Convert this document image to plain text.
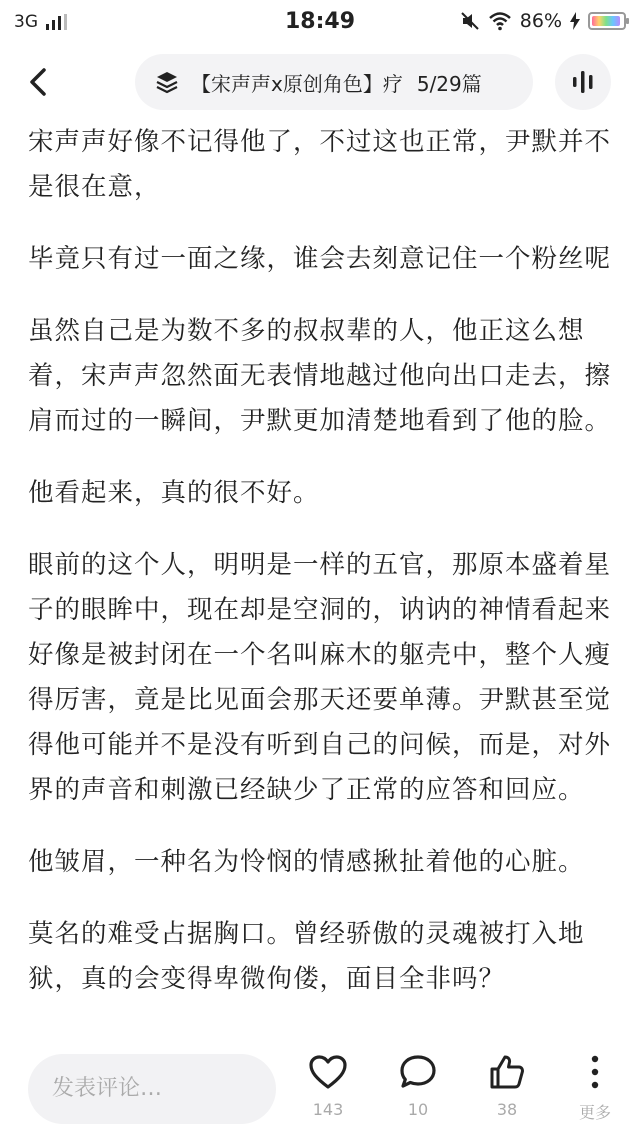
3G	18:49	86%
【宋声声x原创角色】疗 5/29篇

宋声声好像不记得他了，不过这也正常，尹默并不是很在意，

毕竟只有过一面之缘，谁会去刻意记住一个粉丝呢

虽然自己是为数不多的叔叔辈的人，他正这么想着，宋声声忽然面无表情地越过他向出口走去，擦肩而过的一瞬间，尹默更加清楚地看到了他的脸。

他看起来，真的很不好。

眼前的这个人，明明是一样的五官，那原本盛着星子的眼眸中，现在却是空洞的，讷讷的神情看起来好像是被封闭在一个名叫麻木的躯壳中，整个人瘦得厉害，竟是比见面会那天还要单薄。尹默甚至觉得他可能并不是没有听到自己的问候，而是，对外界的声音和刺激已经缺少了正常的应答和回应。

他皱眉，一种名为怜悯的情感揪扯着他的心脏。

莫名的难受占据胸口。曾经骄傲的灵魂被打入地狱，真的会变得卑微佝偻，面目全非吗？

发表评论…
143	10	38	更多
